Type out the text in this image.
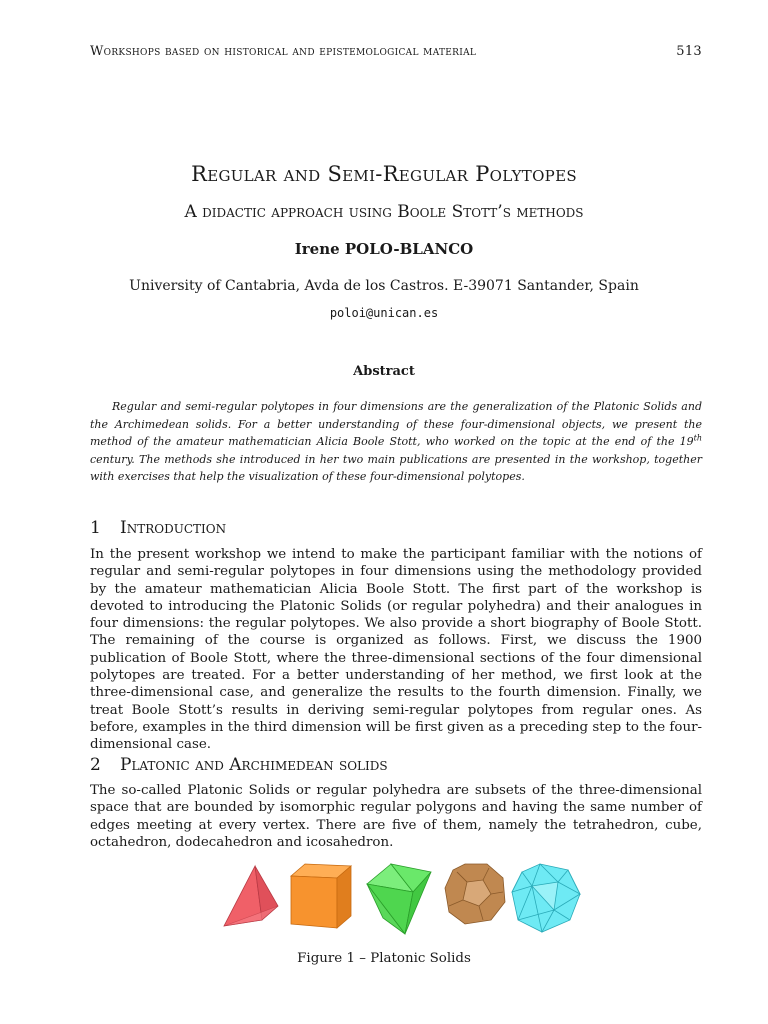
Workshops based on historical and epistemological material	513
Regular and Semi-Regular Polytopes
A didactic approach using Boole Stott’s methods
Irene POLO-BLANCO
University of Cantabria, Avda de los Castros. E-39071 Santander, Spain
poloi@unican.es
Abstract

Regular and semi-regular polytopes in four dimensions are the generalization of the Platonic Solids and the Archimedean solids. For a better understanding of these four-dimensional objects, we present the method of the amateur mathematician Alicia Boole Stott, who worked on the topic at the end of the 19th century. The methods she introduced in her two main publications are presented in the workshop, together with exercises that help the visualization of these four-dimensional polytopes.

1 Introduction

In the present workshop we intend to make the participant familiar with the notions of regular and semi-regular polytopes in four dimensions using the methodology provided by the amateur mathematician Alicia Boole Stott. The first part of the workshop is devoted to introducing the Platonic Solids (or regular polyhedra) and their analogues in four dimensions: the regular polytopes. We also provide a short biography of Boole Stott. The remaining of the course is organized as follows. First, we discuss the 1900 publication of Boole Stott, where the three-dimensional sections of the four dimensional polytopes are treated. For a better understanding of her method, we first look at the three-dimensional case, and generalize the results to the fourth dimension. Finally, we treat Boole Stott’s results in deriving semi-regular polytopes from regular ones. As before, examples in the third dimension will be first given as a preceding step to the four-dimensional case.

2 Platonic and Archimedean solids

The so-called Platonic Solids or regular polyhedra are subsets of the three-dimensional space that are bounded by isomorphic regular polygons and having the same number of edges meeting at every vertex. There are five of them, namely the tetrahedron, cube, octahedron, dodecahedron and icosahedron.

Figure 1 – Platonic Solids
